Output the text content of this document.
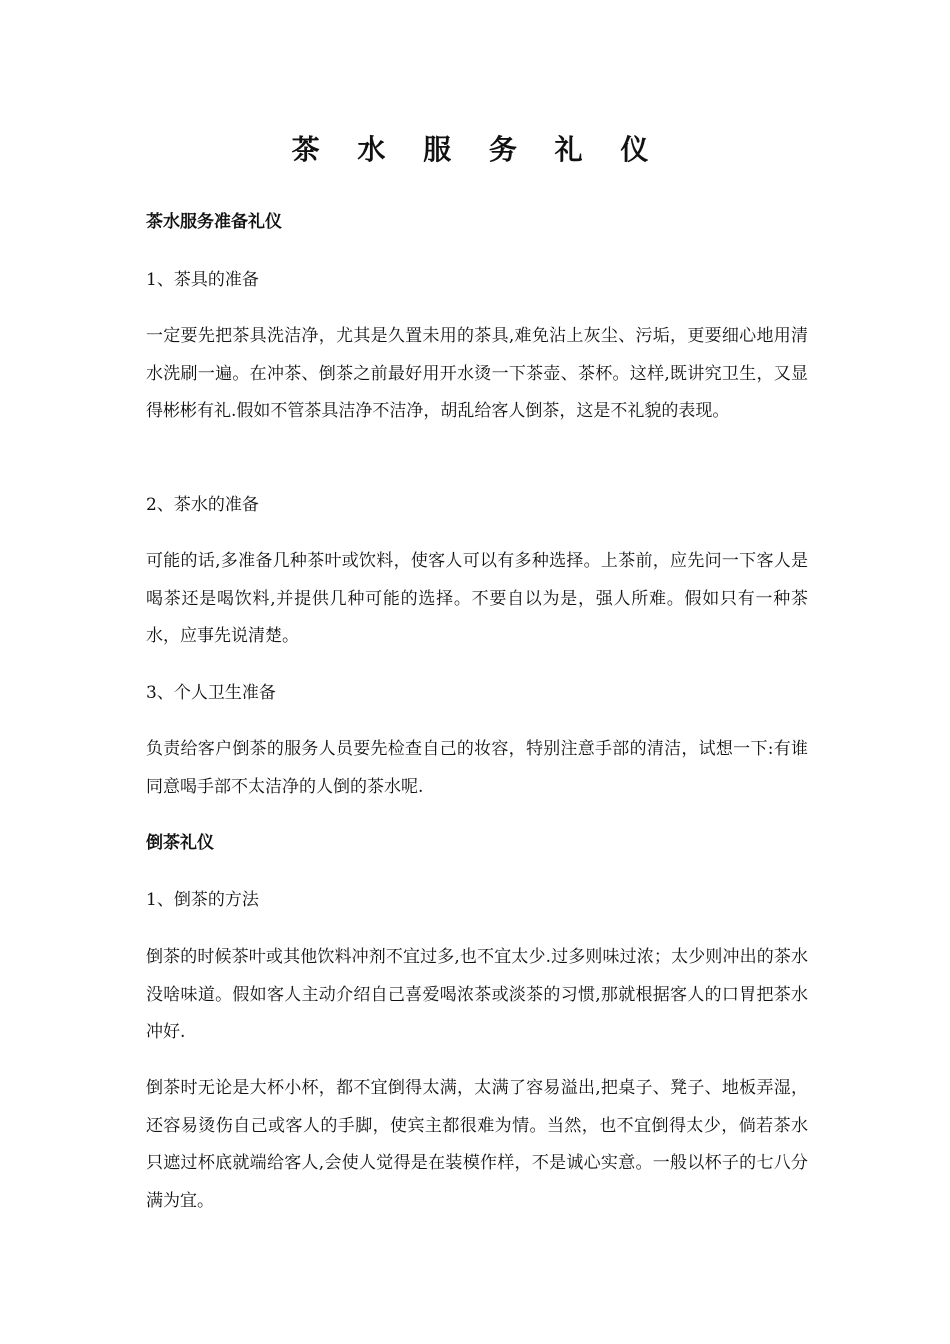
茶 水 服 务 礼 仪
茶水服务准备礼仪

1、茶具的准备

一定要先把茶具洗洁净，尤其是久置未用的茶具,难免沾上灰尘、污垢，更要细心地用清水洗刷一遍。在冲茶、倒茶之前最好用开水烫一下茶壶、茶杯。这样,既讲究卫生，又显得彬彬有礼.假如不管茶具洁净不洁净，胡乱给客人倒茶，这是不礼貌的表现。

2、茶水的准备

可能的话,多准备几种茶叶或饮料，使客人可以有多种选择。上茶前，应先问一下客人是喝茶还是喝饮料,并提供几种可能的选择。不要自以为是，强人所难。假如只有一种茶水，应事先说清楚。

3、个人卫生准备

负责给客户倒茶的服务人员要先检查自己的妆容，特别注意手部的清洁，试想一下:有谁同意喝手部不太洁净的人倒的茶水呢.

倒茶礼仪

1、倒茶的方法

倒茶的时候茶叶或其他饮料冲剂不宜过多,也不宜太少.过多则味过浓；太少则冲出的茶水没啥味道。假如客人主动介绍自己喜爱喝浓茶或淡茶的习惯,那就根据客人的口胃把茶水冲好.

倒茶时无论是大杯小杯，都不宜倒得太满，太满了容易溢出,把桌子、凳子、地板弄湿，还容易烫伤自己或客人的手脚，使宾主都很难为情。当然，也不宜倒得太少，倘若茶水只遮过杯底就端给客人,会使人觉得是在装模作样，不是诚心实意。一般以杯子的七八分满为宜。
